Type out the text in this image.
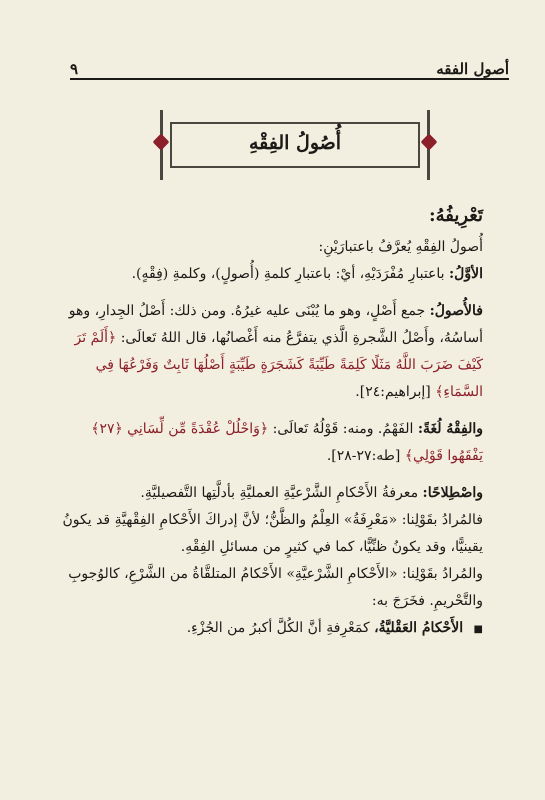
أصول الفقه
٩
أُصُولُ الفِقْهِ

تَعْرِيفُهُ:

أُصولُ الفِقْهِ يُعرَّفُ باعتبارَيْنِ:

الأوَّلُ: باعتبارِ مُفْرَدَيْهِ، أيْ: باعتبارِ كلمةِ (أُصولٍ)، وكلمةِ (فِقْهٍ).

فالأُصولُ: جمع أَصْلٍ، وهو ما يُبْنَى عليه غيرُهُ. ومن ذلك: أَصْلُ الجِدارِ، وهو أساسُهُ، وأَصْلُ الشَّجرةِ الَّذي يتفرَّعُ منه أَغْصانُها، قال اللهُ تَعالَى: ﴿أَلَمْ تَرَ كَيْفَ ضَرَبَ اللَّهُ مَثَلًا كَلِمَةً طَيِّبَةً كَشَجَرَةٍ طَيِّبَةٍ أَصْلُهَا ثَابِتٌ وَفَرْعُهَا فِي السَّمَاءِ﴾ [إبراهيم:٢٤].

والفِقْهُ لُغَةً: الفَهْمُ. ومنه: قَوْلُهُ تَعالَى: ﴿وَاحْلُلْ عُقْدَةً مِّن لِّسَانِي ﴿٢٧﴾ يَفْقَهُوا قَوْلِي﴾ [طه:٢٧-٢٨].

واصْطِلاحًا: معرفةُ الأَحْكامِ الشَّرْعيَّةِ العمليَّةِ بأدلَّتِها التَّفصيليَّةِ.

فالمُرادُ بقَوْلِنا: «مَعْرِفَةُ» العِلْمُ والظَّنُّ؛ لأنَّ إدراكَ الأَحْكامِ الفِقْهيَّةِ قد يكونُ يقينيًّا، وقد يكونُ ظنِّيًّا، كما في كثيرٍ من مسائلِ الفِقْهِ.

والمُرادُ بقَوْلِنا: «الأَحْكامِ الشَّرْعيَّةِ» الأَحْكامُ المتلقَّاةُ من الشَّرْعِ، كالوُجوبِ والتَّحْريمِ. فخَرَجَ به:

■ الأَحْكامُ العَقْليَّةُ، كمَعْرِفةِ أنَّ الكُلَّ أكبرُ من الجُزْءِ.
